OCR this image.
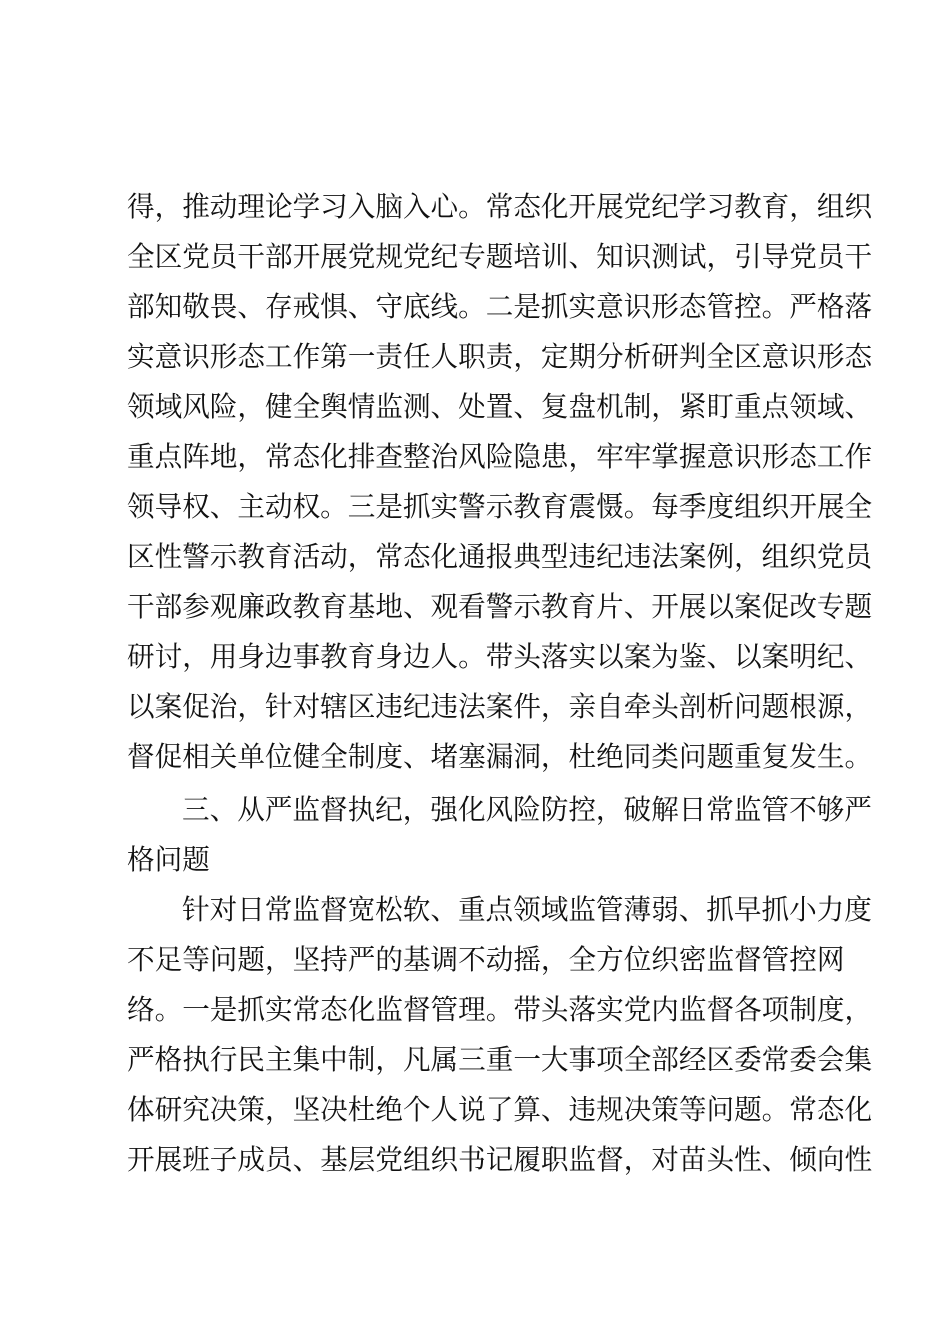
得，推动理论学习入脑入心。常态化开展党纪学习教育，组织
全区党员干部开展党规党纪专题培训、知识测试，引导党员干
部知敬畏、存戒惧、守底线。二是抓实意识形态管控。严格落
实意识形态工作第一责任人职责，定期分析研判全区意识形态
领域风险，健全舆情监测、处置、复盘机制，紧盯重点领域、
重点阵地，常态化排查整治风险隐患，牢牢掌握意识形态工作
领导权、主动权。三是抓实警示教育震慑。每季度组织开展全
区性警示教育活动，常态化通报典型违纪违法案例，组织党员
干部参观廉政教育基地、观看警示教育片、开展以案促改专题
研讨，用身边事教育身边人。带头落实以案为鉴、以案明纪、
以案促治，针对辖区违纪违法案件，亲自牵头剖析问题根源，
督促相关单位健全制度、堵塞漏洞，杜绝同类问题重复发生。
三、从严监督执纪，强化风险防控，破解日常监管不够严
格问题
针对日常监督宽松软、重点领域监管薄弱、抓早抓小力度
不足等问题，坚持严的基调不动摇，全方位织密监督管控网
络。一是抓实常态化监督管理。带头落实党内监督各项制度，
严格执行民主集中制，凡属三重一大事项全部经区委常委会集
体研究决策，坚决杜绝个人说了算、违规决策等问题。常态化
开展班子成员、基层党组织书记履职监督，对苗头性、倾向性
